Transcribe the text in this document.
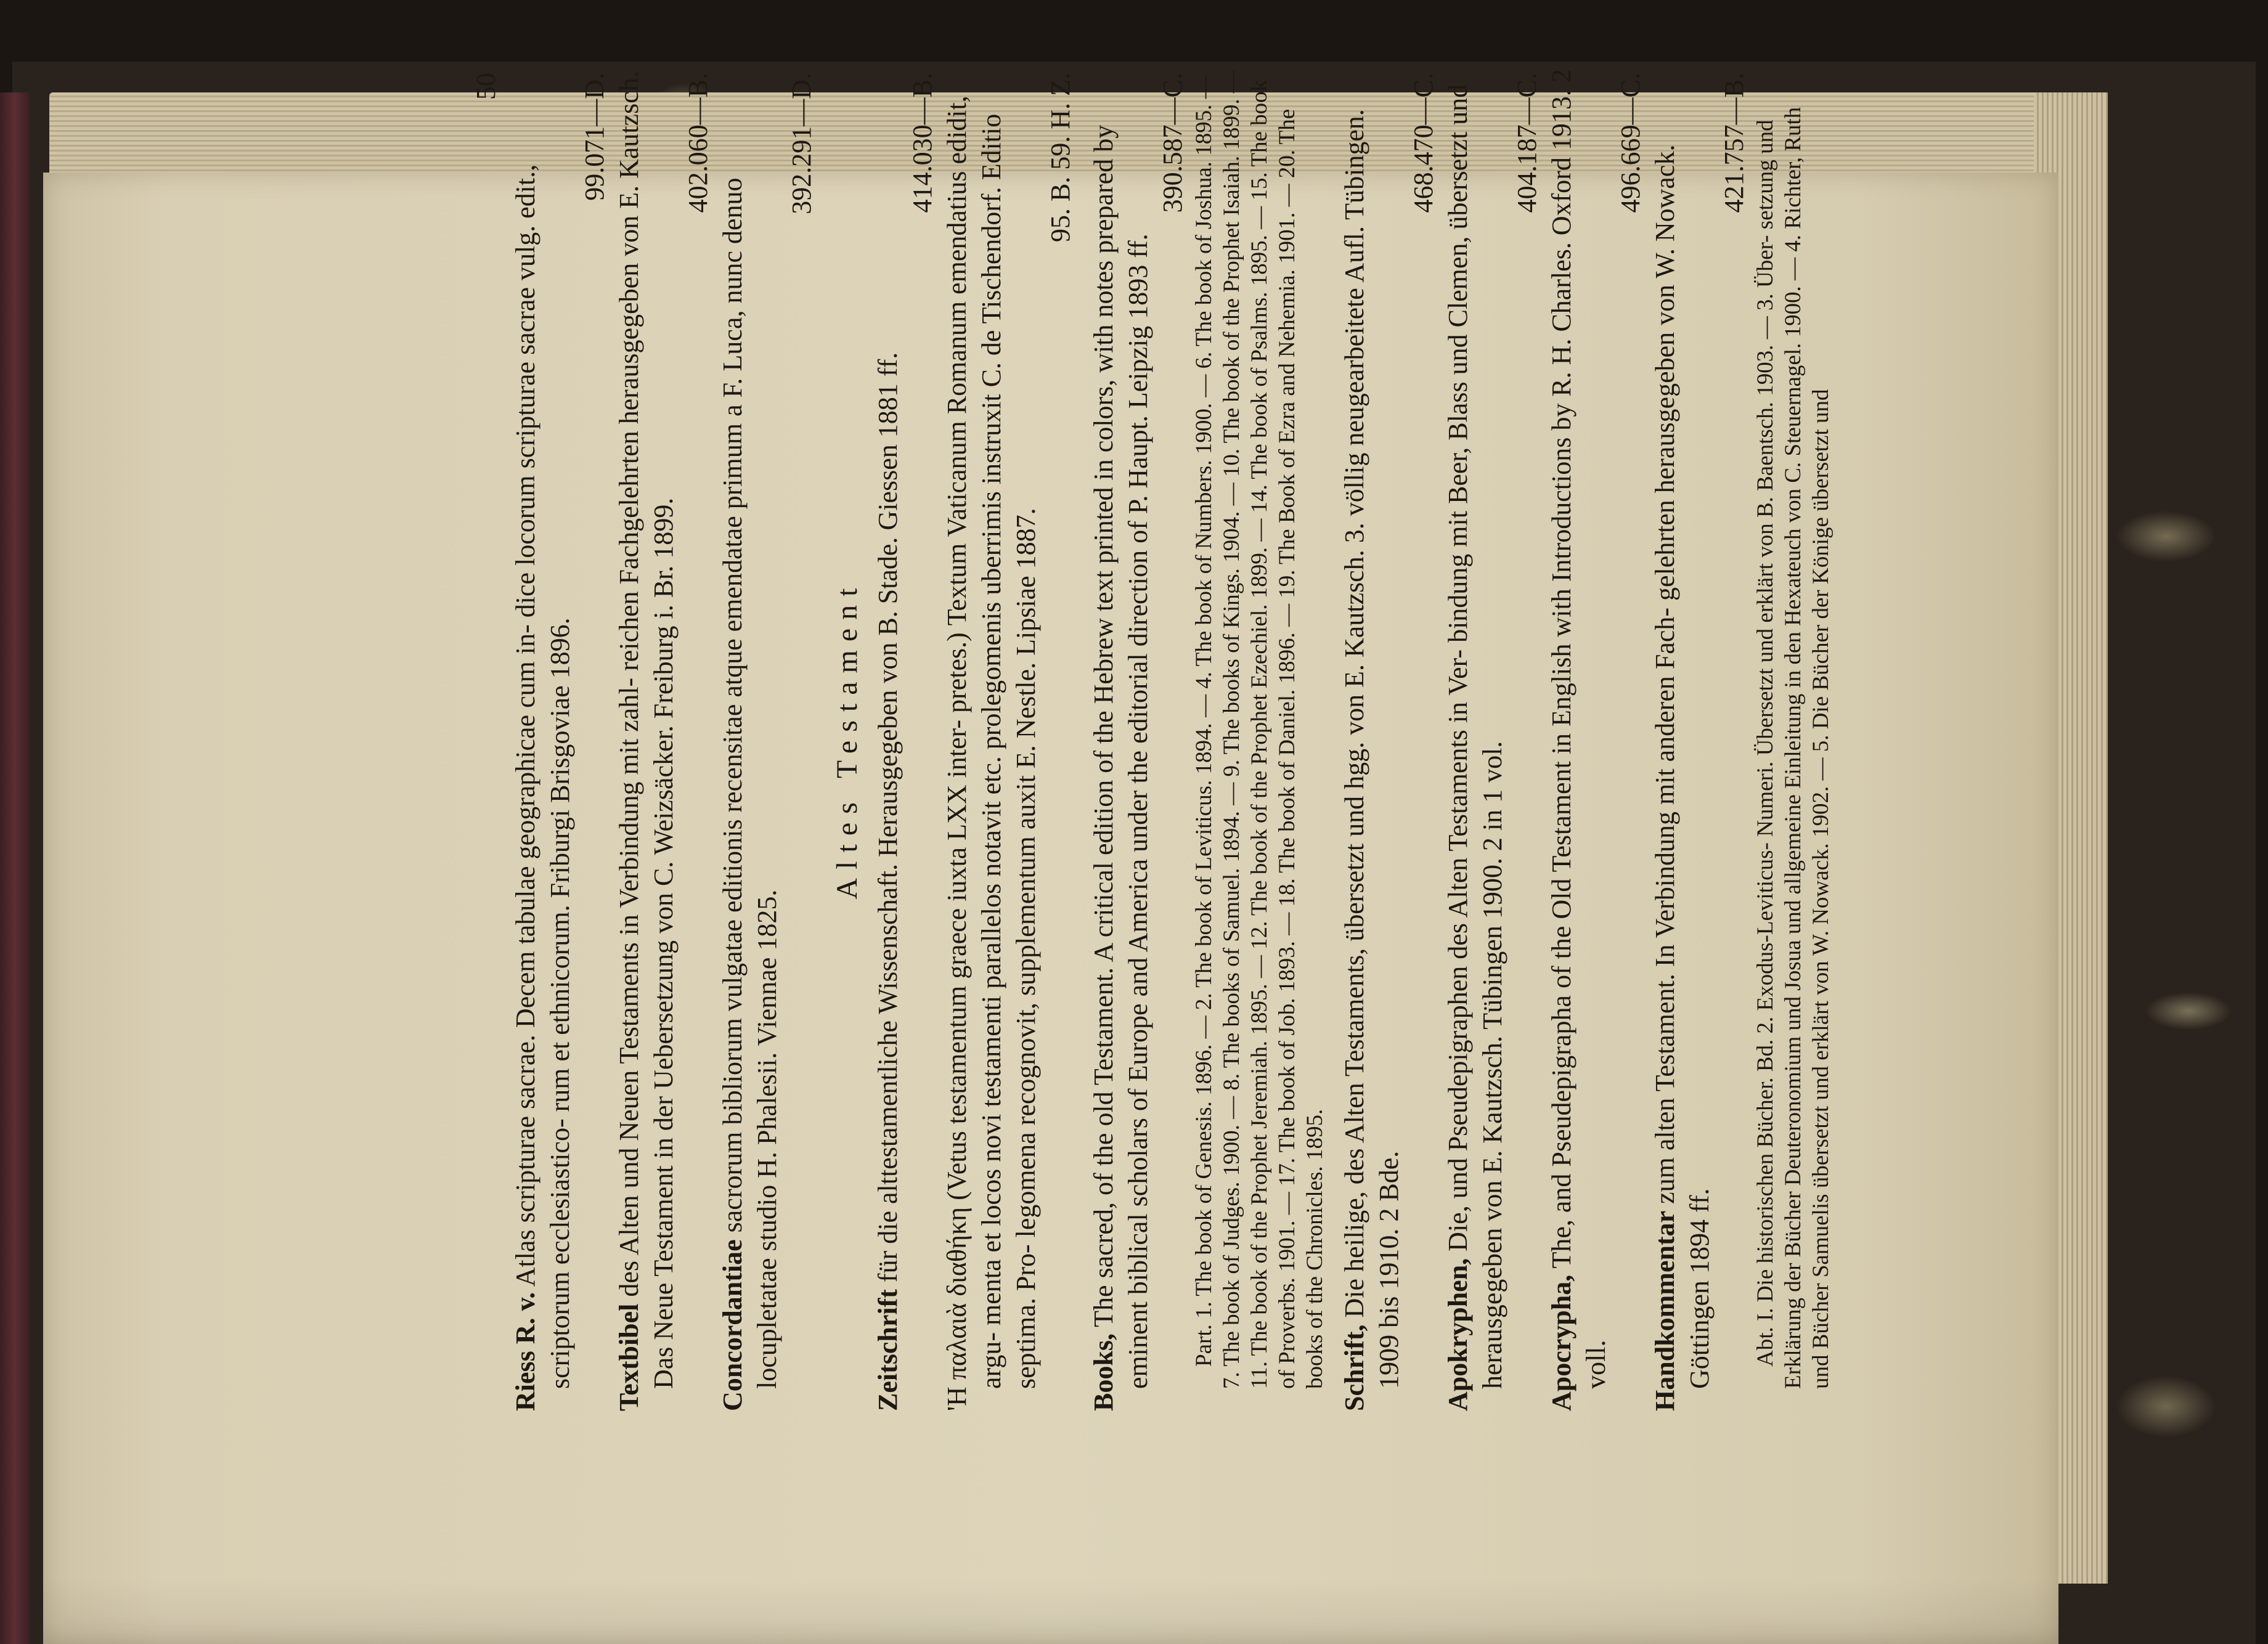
50

Riess R. v. Atlas scripturae sacrae. Decem tabulae geographicae cum in- dice locorum scripturae sacrae vulg. edit., scriptorum ecclesiastico- rum et ethnicorum. Friburgi Brisgoviae 1896.

99.071—D.

Textbibel des Alten und Neuen Testaments in Verbindung mit zahl- reichen Fachgelehrten herausgegeben von E. Kautzsch. Das Neue Testament in der Uebersetzung von C. Weizsäcker. Freiburg i. Br. 1899.

402.060—B.

Concordantiae sacrorum bibliorum vulgatae editionis recensitae atque emendatae primum a F. Luca, nunc denuo locupletatae studio H. Phalesii. Viennae 1825.

392.291—D.

Altes Testament

Zeitschrift für die alttestamentliche Wissenschaft. Herausgegeben von B. Stade. Giessen 1881 ff.

414.030—B.

'Η παλαιὰ διαθήκη (Vetus testamentum graece iuxta LXX inter- pretes.) Textum Vaticanum Romanum emendatius edidit, argu- menta et locos novi testamenti parallelos notavit etc. prolegomenis uberrimis instruxit C. de Tischendorf. Editio septima. Pro- legomena recognovit, supplementum auxit E. Nestle. Lipsiae 1887.

95. B. 59. H. Z.

Books, The sacred, of the old Testament. A critical edition of the Hebrew text printed in colors, with notes prepared by eminent biblical scholars of Europe and America under the editorial direction of P. Haupt. Leipzig 1893 ff.

390.587—C. Part. 1. The book of Genesis. 1896. — 2. The book of Leviticus. 1894. — 4. The book of Numbers. 1900. — 6. The book of Joshua. 1895. — 7. The book of Judges. 1900. — 8. The books of Samuel. 1894. — 9. The books of Kings. 1904. — 10. The book of the Prophet Isaiah. 1899. — 11. The book of the Prophet Jeremiah. 1895. — 12. The book of the Prophet Ezechiel. 1899. — 14. The book of Psalms. 1895. — 15. The book of Proverbs. 1901. — 17. The book of Job. 1893. — 18. The book of Daniel. 1896. — 19. The Book of Ezra and Nehemia. 1901. — 20. The books of the Chronicles. 1895. Schrift, Die heilige, des Alten Testaments, übersetzt und hgg. von E. Kautzsch. 3. völlig neugearbeitete Aufl. Tübingen. 1909 bis 1910. 2 Bde.

468.470—C.

Apokryphen, Die, und Pseudepigraphen des Alten Testaments in Ver- bindung mit Beer, Blass und Clemen, übersetzt und herausgegeben von E. Kautzsch. Tübingen 1900. 2 in 1 vol.

404.187—C.

Apocrypha, The, and Pseudepigrapha of the Old Testament in English with Introductions by R. H. Charles. Oxford 1913. 2 voll.

496.669—C.

Handkommentar zum alten Testament. In Verbindung mit anderen Fach- gelehrten herausgegeben von W. Nowack. Göttingen 1894 ff.

421.757—B. Abt. I. Die historischen Bücher. Bd. 2. Exodus-Leviticus- Numeri. Übersetzt und erklärt von B. Baentsch. 1903. — 3. Über- setzung und Erklärung der Bücher Deuteronomium und Josua und allgemeine Einleitung in den Hexateuch von C. Steuernagel. 1900. — 4. Richter, Ruth und Bücher Samuelis übersetzt und erklärt von W. Nowack. 1902. — 5. Die Bücher der Könige übersetzt und
